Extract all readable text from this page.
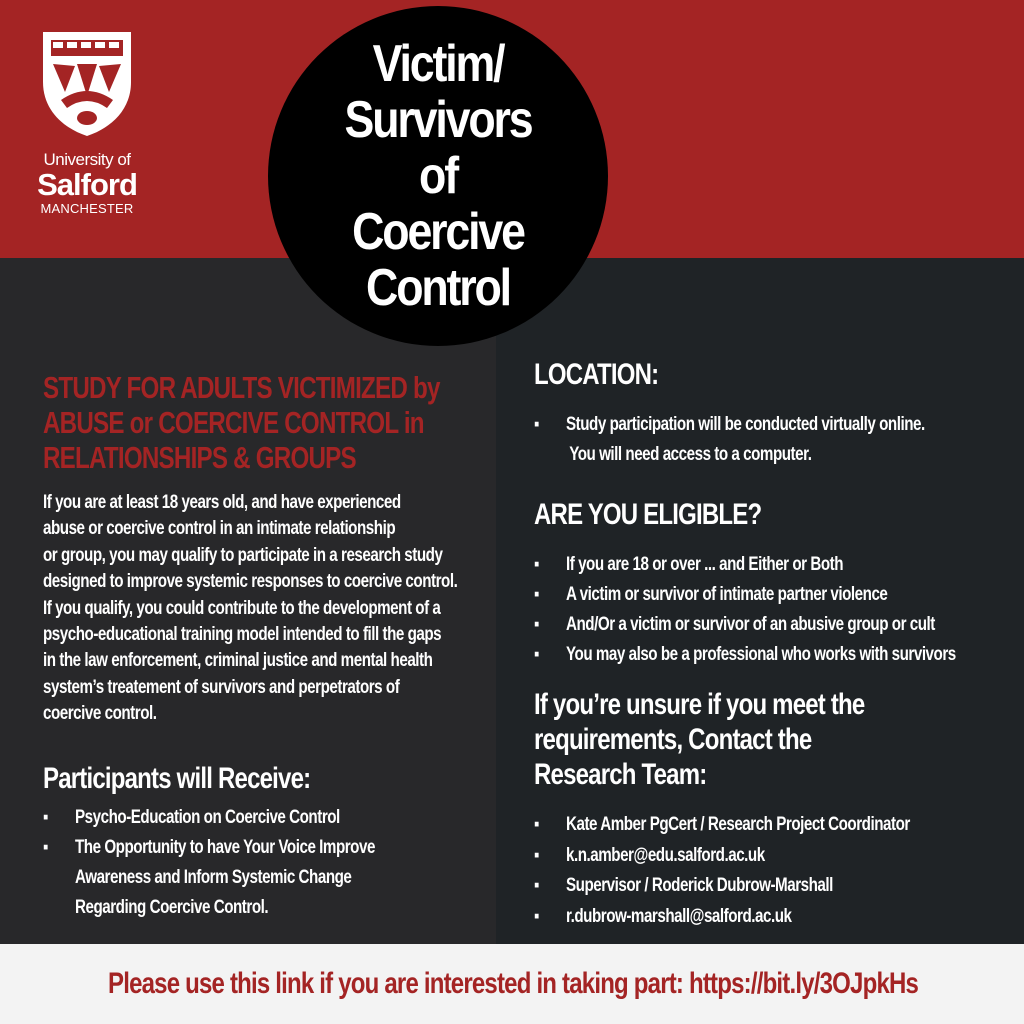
University of
Salford
MANCHESTER
Victim/
Survivors
of
Coercive
Control
STUDY FOR ADULTS VICTIMIZED by
ABUSE or COERCIVE CONTROL in
RELATIONSHIPS & GROUPS
If you are at least 18 years old, and have experienced
abuse or coercive control in an intimate relationship
or group, you may qualify to participate in a research study
designed to improve systemic responses to coercive control.
If you qualify, you could contribute to the development of a
psycho-educational training model intended to fill the gaps
in the law enforcement, criminal justice and mental health
system’s treatement of survivors and perpetrators of
coercive control.
Participants will Receive:
▪ Psycho-Education on Coercive Control
▪ The Opportunity to have Your Voice Improve
Awareness and Inform Systemic Change
Regarding Coercive Control.
LOCATION:
▪ Study participation will be conducted virtually online.
You will need access to a computer.
ARE YOU ELIGIBLE?
▪ If you are 18 or over ... and Either or Both
▪ A victim or survivor of intimate partner violence
▪ And/Or a victim or survivor of an abusive group or cult
▪ You may also be a professional who works with survivors
If you’re unsure if you meet the
requirements, Contact the
Research Team:
▪ Kate Amber PgCert / Research Project Coordinator
▪ k.n.amber@edu.salford.ac.uk
▪ Supervisor / Roderick Dubrow-Marshall
▪ r.dubrow-marshall@salford.ac.uk
Please use this link if you are interested in taking part: https://bit.ly/3OJpkHs
